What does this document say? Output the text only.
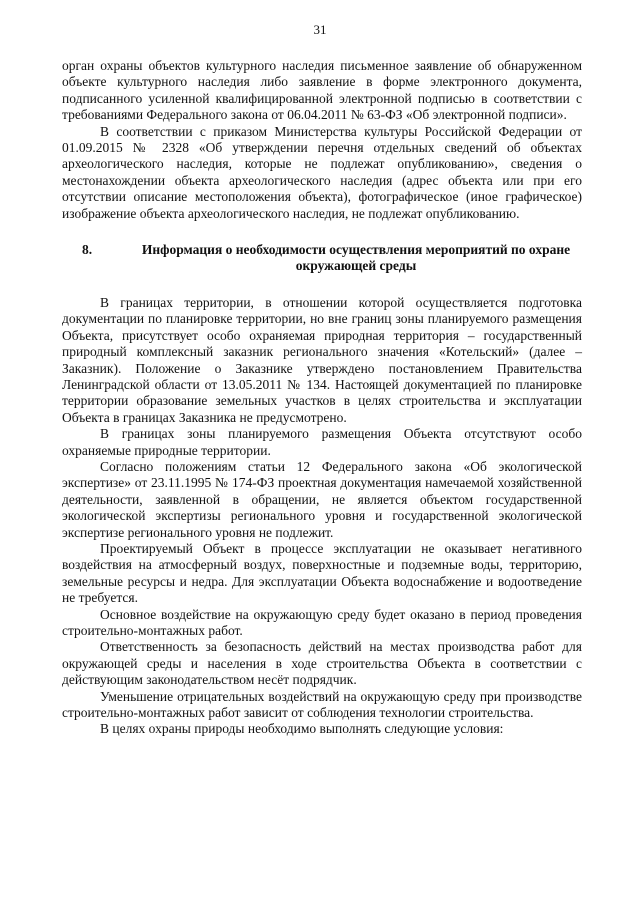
31

орган охраны объектов культурного наследия письменное заявление об обнаруженном объекте культурного наследия либо заявление в форме электронного документа, подписанного усиленной квалифицированной электронной подписью в соответствии с требованиями Федерального закона от 06.04.2011 № 63-ФЗ «Об электронной подписи».

В соответствии с приказом Министерства культуры Российской Федерации от 01.09.2015 № 2328 «Об утверждении перечня отдельных сведений об объектах археологического наследия, которые не подлежат опубликованию», сведения о местонахождении объекта археологического наследия (адрес объекта или при его отсутствии описание местоположения объекта), фотографическое (иное графическое) изображение объекта археологического наследия, не подлежат опубликованию.

8.	Информация о необходимости осуществления мероприятий по охране окружающей среды

В границах территории, в отношении которой осуществляется подготовка документации по планировке территории, но вне границ зоны планируемого размещения Объекта, присутствует особо охраняемая природная территория – государственный природный комплексный заказник регионального значения «Котельский» (далее – Заказник). Положение о Заказнике утверждено постановлением Правительства Ленинградской области от 13.05.2011 № 134. Настоящей документацией по планировке территории образование земельных участков в целях строительства и эксплуатации Объекта в границах Заказника не предусмотрено.

В границах зоны планируемого размещения Объекта отсутствуют особо охраняемые природные территории.

Согласно положениям статьи 12 Федерального закона «Об экологической экспертизе» от 23.11.1995 № 174-ФЗ проектная документация намечаемой хозяйственной деятельности, заявленной в обращении, не является объектом государственной экологической экспертизы регионального уровня и государственной экологической экспертизе регионального уровня не подлежит.

Проектируемый Объект в процессе эксплуатации не оказывает негативного воздействия на атмосферный воздух, поверхностные и подземные воды, территорию, земельные ресурсы и недра. Для эксплуатации Объекта водоснабжение и водоотведение не требуется.

Основное воздействие на окружающую среду будет оказано в период проведения строительно-монтажных работ.

Ответственность за безопасность действий на местах производства работ для окружающей среды и населения в ходе строительства Объекта в соответствии с действующим законодательством несёт подрядчик.

Уменьшение отрицательных воздействий на окружающую среду при производстве строительно-монтажных работ зависит от соблюдения технологии строительства.

В целях охраны природы необходимо выполнять следующие условия:
